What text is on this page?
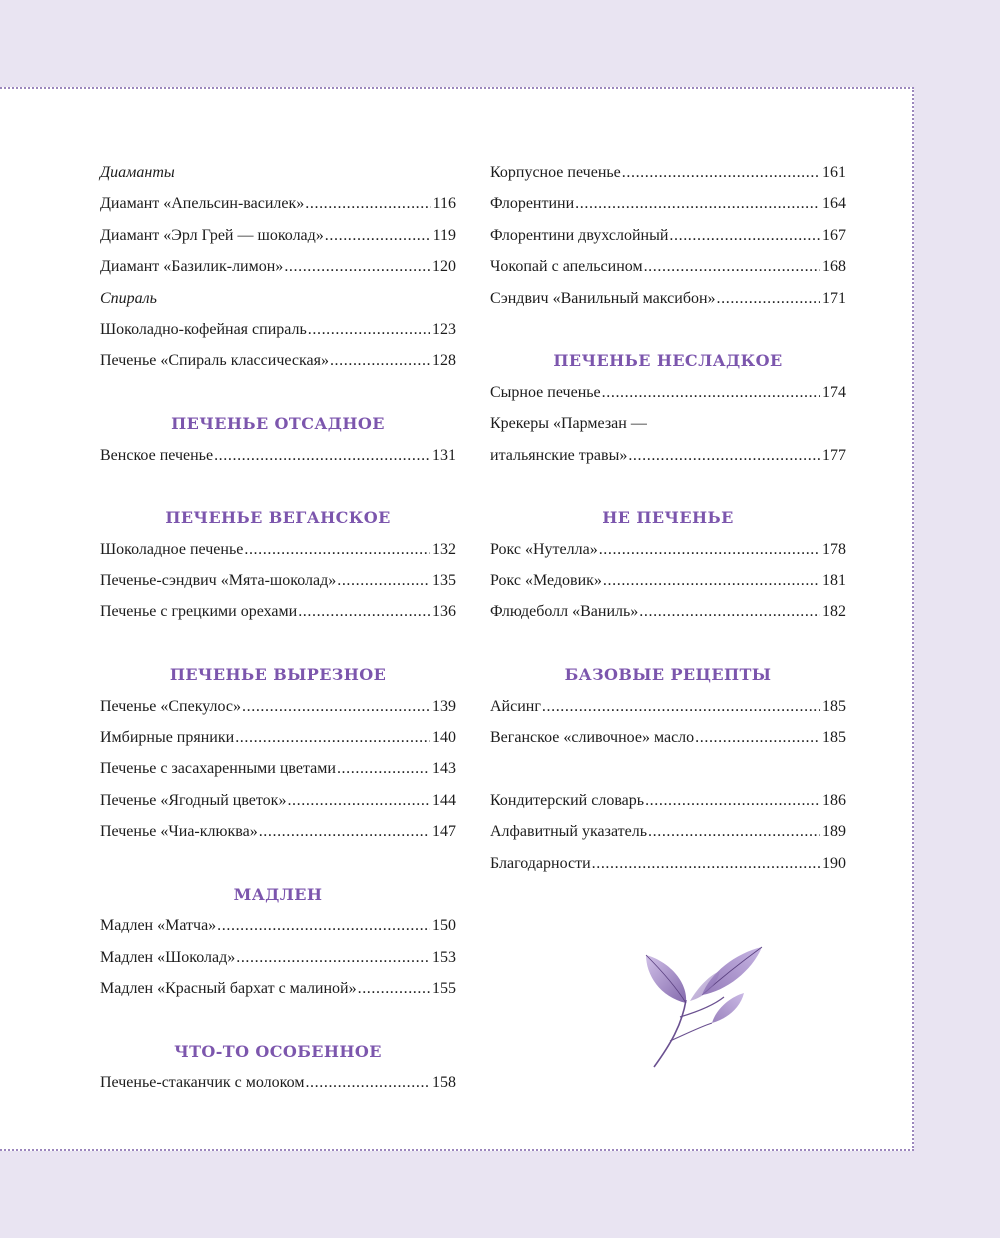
Диаманты
Диамант «Апельсин-василек» .....	116
Диамант «Эрл Грей — шоколад» .....	119
Диамант «Базилик-лимон» .....	120
Спираль
Шоколадно-кофейная спираль .....	123
Печенье «Спираль классическая» .....	128
ПЕЧЕНЬЕ ОТСАДНОЕ
Венское печенье .....	131
ПЕЧЕНЬЕ ВЕГАНСКОЕ
Шоколадное печенье .....	132
Печенье-сэндвич «Мята-шоколад» .....	135
Печенье с грецкими орехами .....	136
ПЕЧЕНЬЕ ВЫРЕЗНОЕ
Печенье «Спекулос» .....	139
Имбирные пряники .....	140
Печенье с засахаренными цветами .....	143
Печенье «Ягодный цветок» .....	144
Печенье «Чиа-клюква» .....	147
МАДЛЕН
Мадлен «Матча» .....	150
Мадлен «Шоколад» .....	153
Мадлен «Красный бархат с малиной» .....	155
ЧТО-ТО ОСОБЕННОЕ
Печенье-стаканчик с молоком .....	158
Корпусное печенье .....	161
Флорентини .....	164
Флорентини двухслойный .....	167
Чокопай с апельсином .....	168
Сэндвич «Ванильный максибон» .....	171
ПЕЧЕНЬЕ НЕСЛАДКОЕ
Сырное печенье .....	174
Крекеры «Пармезан —
итальянские травы» .....	177
НЕ ПЕЧЕНЬЕ
Рокс «Нутелла» .....	178
Рокс «Медовик» .....	181
Флюдеболл «Ваниль» .....	182
БАЗОВЫЕ РЕЦЕПТЫ
Айсинг .....	185
Веганское «сливочное» масло .....	185
Кондитерский словарь .....	186
Алфавитный указатель .....	189
Благодарности .....	190
